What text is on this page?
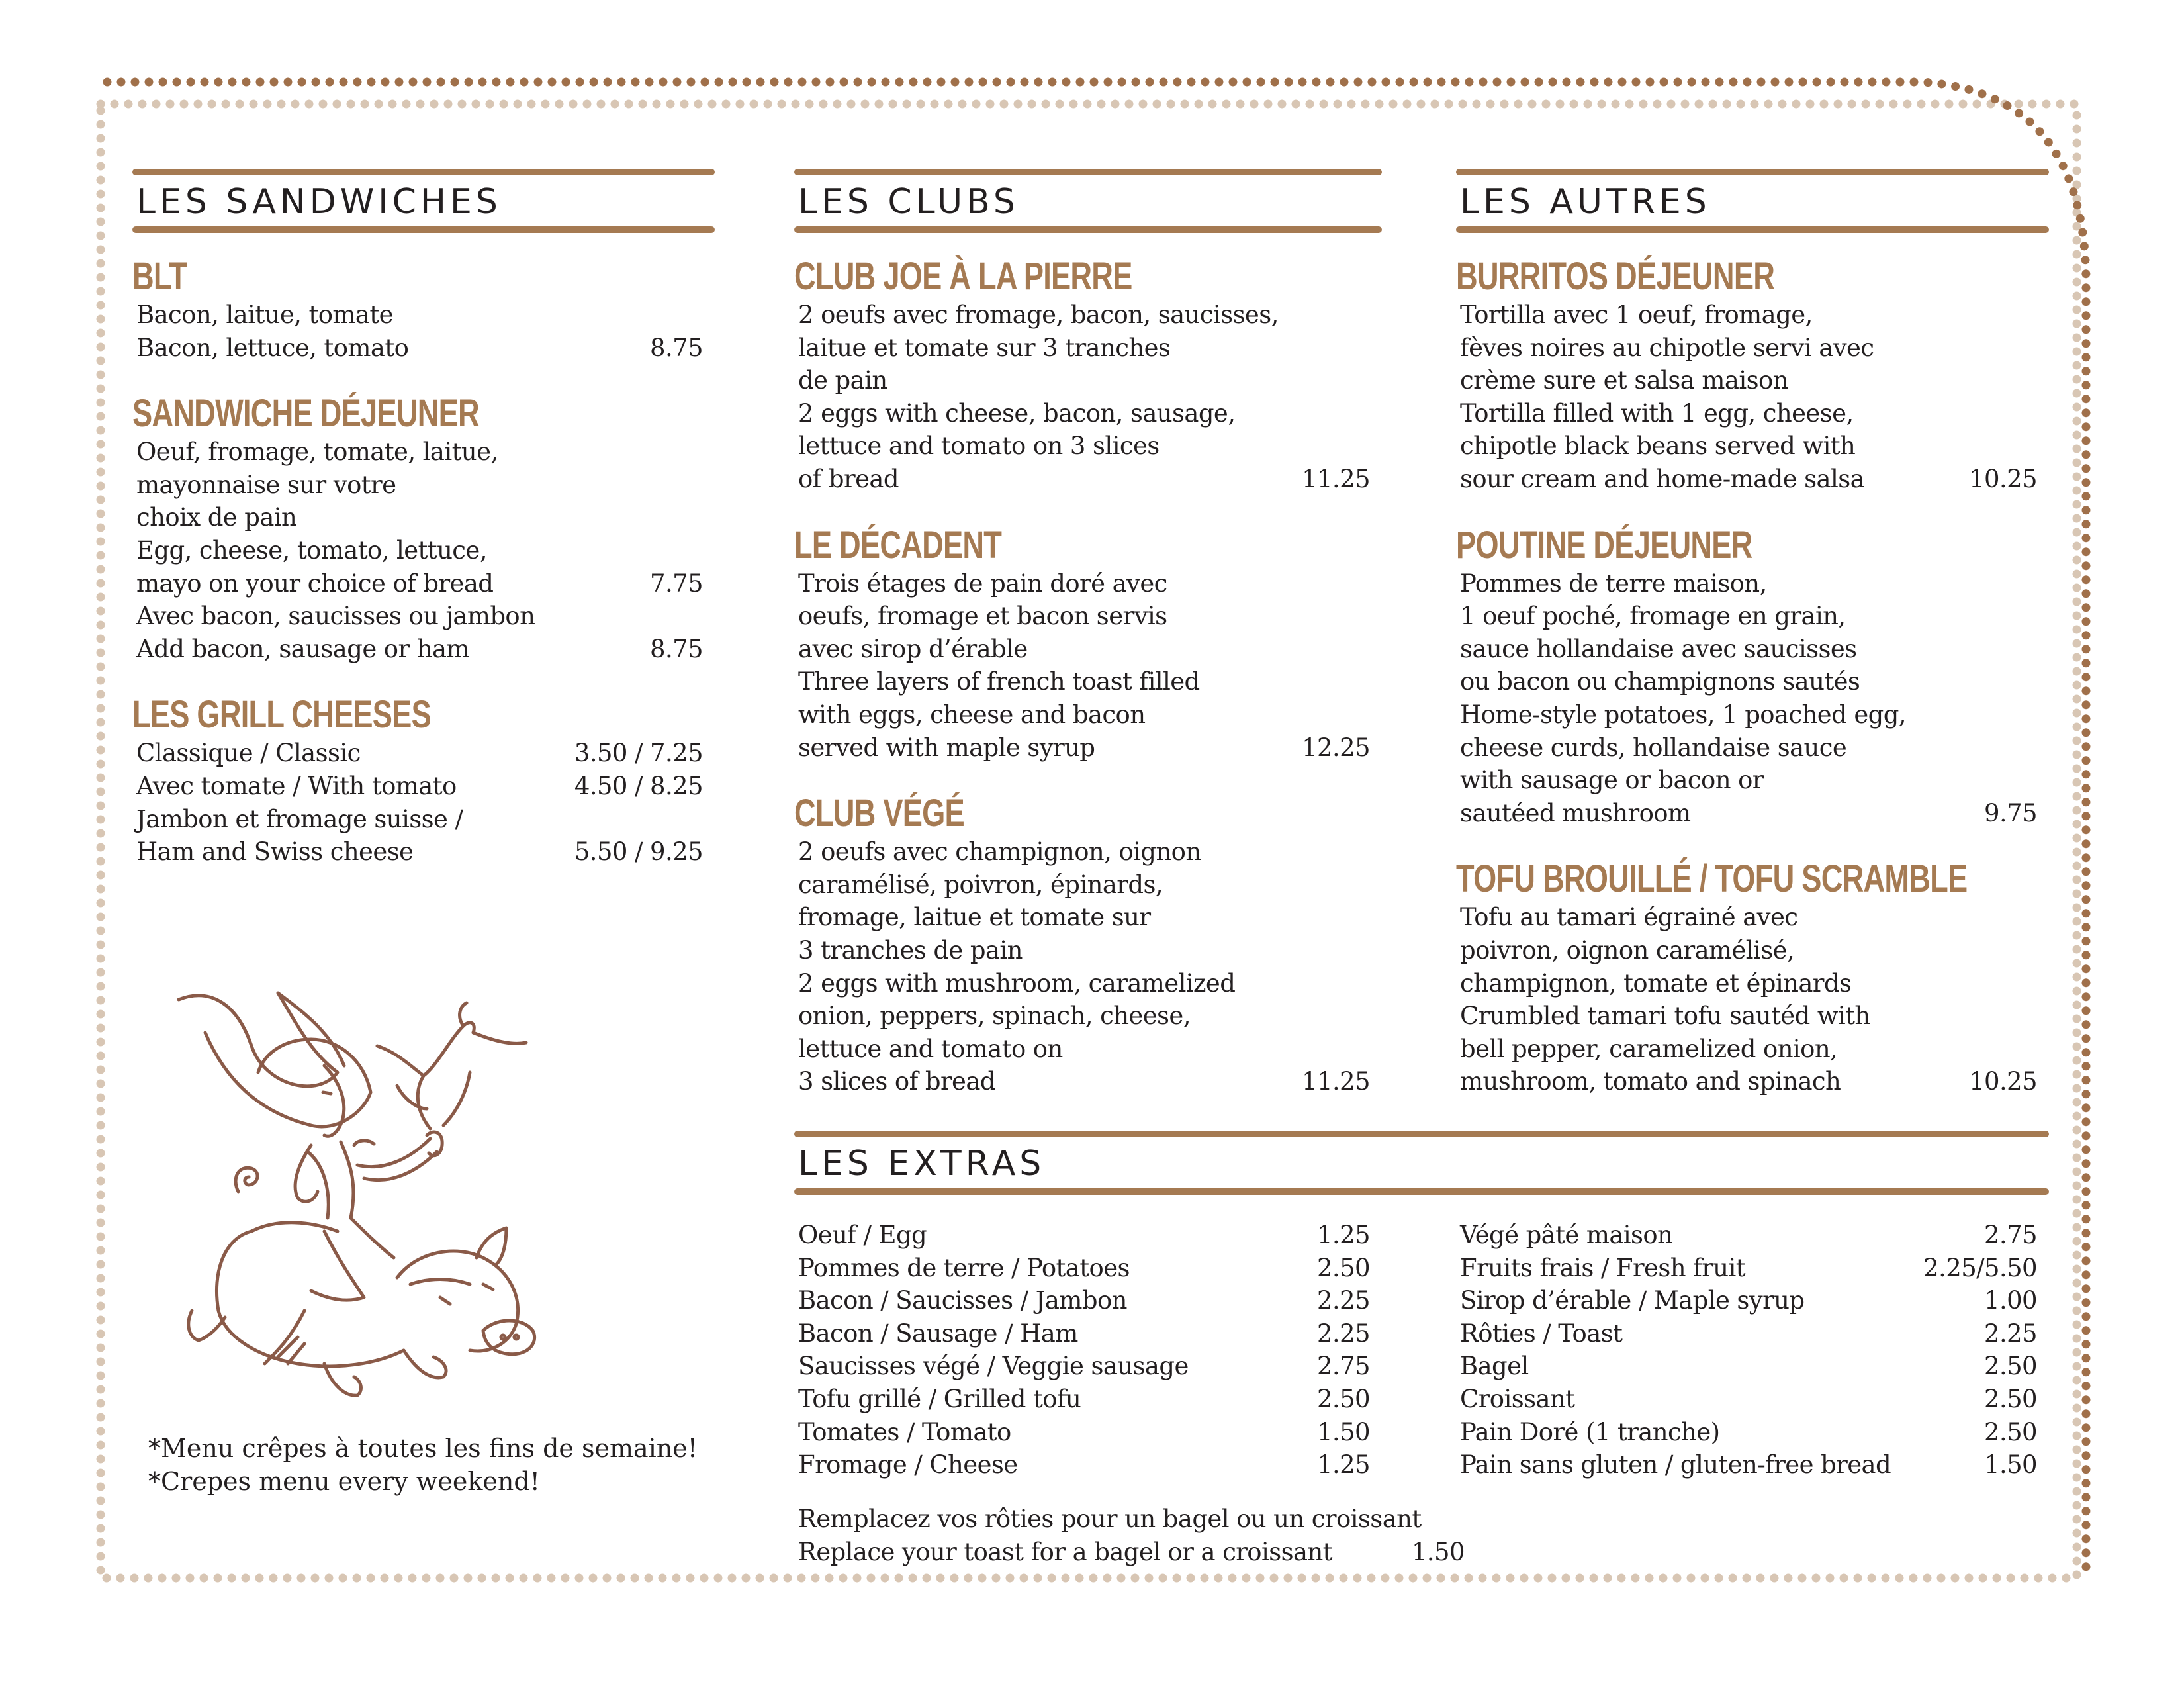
LES SANDWICHES
BLT
Bacon, laitue, tomate
Bacon, lettuce, tomato	8.75
SANDWICHE DÉJEUNER
Oeuf, fromage, tomate, laitue,
mayonnaise sur votre
choix de pain
Egg, cheese, tomato, lettuce,
mayo on your choice of bread	7.75
Avec bacon, saucisses ou jambon
Add bacon, sausage or ham	8.75
LES GRILL CHEESES
Classique / Classic	3.50 / 7.25
Avec tomate / With tomato	4.50 / 8.25
Jambon et fromage suisse /
Ham and Swiss cheese	5.50 / 9.25
*Menu crêpes à toutes les fins de semaine!
*Crepes menu every weekend!
LES CLUBS
CLUB JOE À LA PIERRE
2 oeufs avec fromage, bacon, saucisses,
laitue et tomate sur 3 tranches
de pain
2 eggs with cheese, bacon, sausage,
lettuce and tomato on 3 slices
of bread	11.25
LE DÉCADENT
Trois étages de pain doré avec
oeufs, fromage et bacon servis
avec sirop d’érable
Three layers of french toast filled
with eggs, cheese and bacon
served with maple syrup	12.25
CLUB VÉGÉ
2 oeufs avec champignon, oignon
caramélisé, poivron, épinards,
fromage, laitue et tomate sur
3 tranches de pain
2 eggs with mushroom, caramelized
onion, peppers, spinach, cheese,
lettuce and tomato on
3 slices of bread	11.25
LES AUTRES
BURRITOS DÉJEUNER
Tortilla avec 1 oeuf, fromage,
fèves noires au chipotle servi avec
crème sure et salsa maison
Tortilla filled with 1 egg, cheese,
chipotle black beans served with
sour cream and home-made salsa	10.25
POUTINE DÉJEUNER
Pommes de terre maison,
1 oeuf poché, fromage en grain,
sauce hollandaise avec saucisses
ou bacon ou champignons sautés
Home-style potatoes, 1 poached egg,
cheese curds, hollandaise sauce
with sausage or bacon or
sautéed mushroom	9.75
TOFU BROUILLÉ / TOFU SCRAMBLE
Tofu au tamari égrainé avec
poivron, oignon caramélisé,
champignon, tomate et épinards
Crumbled tamari tofu sautéd with
bell pepper, caramelized onion,
mushroom, tomato and spinach	10.25
LES EXTRAS
Oeuf / Egg	1.25
Pommes de terre / Potatoes	2.50
Bacon / Saucisses / Jambon	2.25
Bacon / Sausage / Ham	2.25
Saucisses végé / Veggie sausage	2.75
Tofu grillé / Grilled tofu	2.50
Tomates / Tomato	1.50
Fromage / Cheese	1.25
Végé pâté maison	2.75
Fruits frais / Fresh fruit	2.25/5.50
Sirop d’érable / Maple syrup	1.00
Rôties / Toast	2.25
Bagel	2.50
Croissant	2.50
Pain Doré (1 tranche)	2.50
Pain sans gluten / gluten-free bread	1.50
Remplacez vos rôties pour un bagel ou un croissant
Replace your toast for a bagel or a croissant	1.50
